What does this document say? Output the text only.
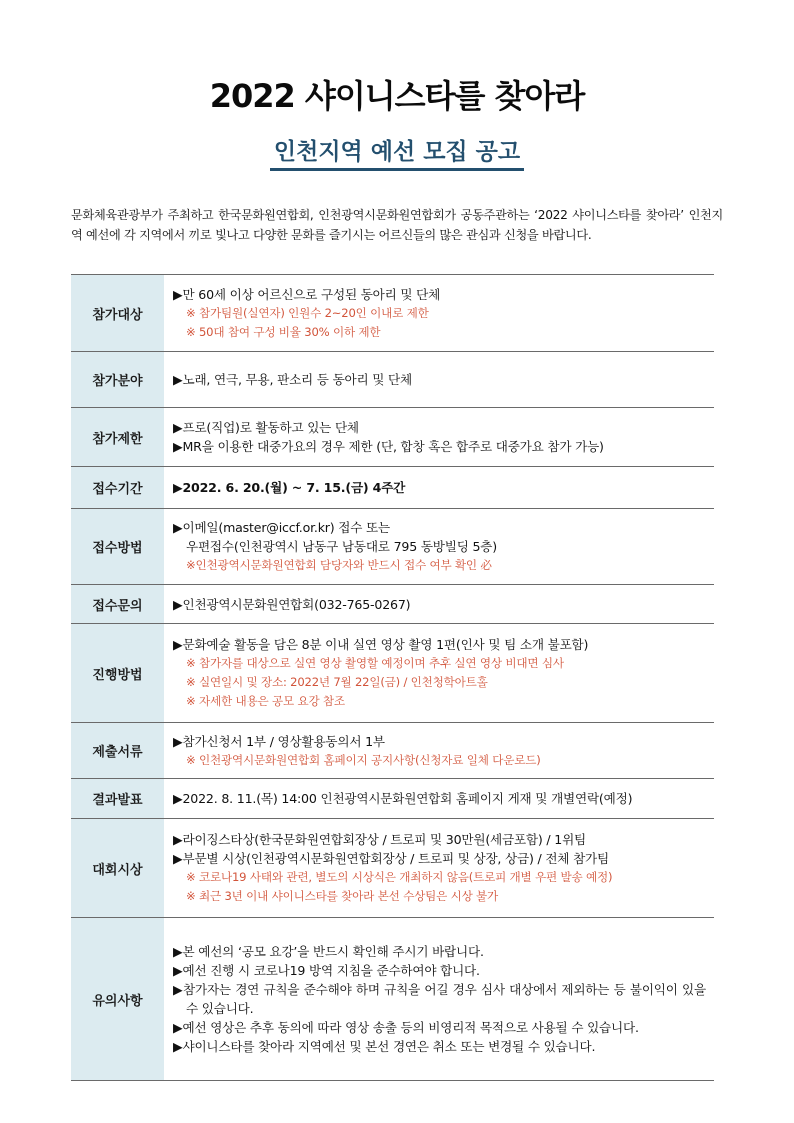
2022 샤이니스타를 찾아라
인천지역 예선 모집 공고
문화체육관광부가 주최하고 한국문화원연합회, 인천광역시문화원연합회가 공동주관하는 ‘2022 샤이니스타를 찾아라’ 인천지역 예선에 각 지역에서 끼로 빛나고 다양한 문화를 즐기시는 어르신들의 많은 관심과 신청을 바랍니다.
참가대상	▶만 60세 이상 어르신으로 구성된 동아리 및 단체
※ 참가팀원(실연자) 인원수 2~20인 이내로 제한
※ 50대 참여 구성 비율 30% 이하 제한

참가분야	▶노래, 연극, 무용, 판소리 등 동아리 및 단체

참가제한	▶프로(직업)로 활동하고 있는 단체
▶MR을 이용한 대중가요의 경우 제한 (단, 합창 혹은 합주로 대중가요 참가 가능)

접수기간	▶2022. 6. 20.(월) ~ 7. 15.(금) 4주간

접수방법	▶이메일(master@iccf.or.kr) 접수 또는
우편접수(인천광역시 남동구 남동대로 795 동방빌딩 5층)
※인천광역시문화원연합회 담당자와 반드시 접수 여부 확인 必

접수문의	▶인천광역시문화원연합회(032-765-0267)

진행방법	▶문화예술 활동을 담은 8분 이내 실연 영상 촬영 1편(인사 및 팀 소개 불포함)
※ 참가자를 대상으로 실연 영상 촬영할 예정이며 추후 실연 영상 비대면 심사
※ 실연일시 및 장소: 2022년 7월 22일(금) / 인천청학아트홀
※ 자세한 내용은 공모 요강 참조

제출서류	▶참가신청서 1부 / 영상활용동의서 1부
※ 인천광역시문화원연합회 홈페이지 공지사항(신청자료 일체 다운로드)

결과발표	▶2022. 8. 11.(목) 14:00 인천광역시문화원연합회 홈페이지 게재 및 개별연락(예정)

대회시상	▶라이징스타상(한국문화원연합회장상 / 트로피 및 30만원(세금포함) / 1위팀
▶부문별 시상(인천광역시문화원연합회장상 / 트로피 및 상장, 상금) / 전체 참가팀
※ 코로나19 사태와 관련, 별도의 시상식은 개최하지 않음(트로피 개별 우편 발송 예정)
※ 최근 3년 이내 샤이니스타를 찾아라 본선 수상팀은 시상 불가

유의사항	▶본 예선의 ‘공모 요강’을 반드시 확인해 주시기 바랍니다.
▶예선 진행 시 코로나19 방역 지침을 준수하여야 합니다.
▶참가자는 경연 규칙을 준수해야 하며 규칙을 어길 경우 심사 대상에서 제외하는 등 불이익이 있을 수 있습니다.
▶예선 영상은 추후 동의에 따라 영상 송출 등의 비영리적 목적으로 사용될 수 있습니다.
▶샤이니스타를 찾아라 지역예선 및 본선 경연은 취소 또는 변경될 수 있습니다.
